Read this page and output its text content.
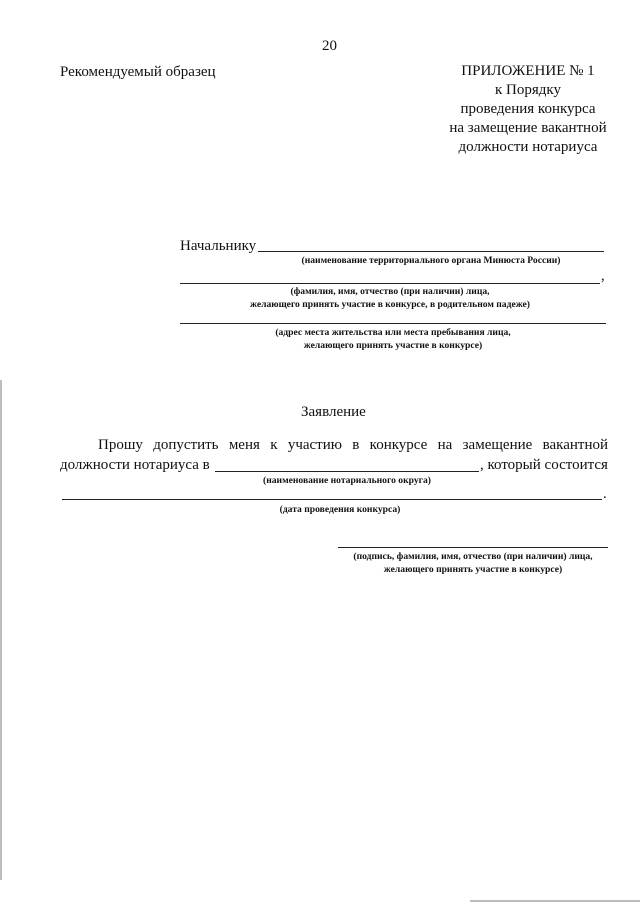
20
Рекомендуемый образец	ПРИЛОЖЕНИЕ № 1
к Порядку
проведения конкурса
на замещение вакантной
должности нотариуса
Начальнику
(наименование территориального органа Минюста России)
,
(фамилия, имя, отчество (при наличии) лица,
желающего принять участие в конкурсе, в родительном падеже)
(адрес места жительства или места пребывания лица,
желающего принять участие в конкурсе)
Заявление
Прошу допустить меня к участию в конкурсе на замещение вакантной
должности нотариуса в	, который состоится
(наименование нотариального округа)
.
(дата проведения конкурса)
(подпись, фамилия, имя, отчество (при наличии) лица,
желающего принять участие в конкурсе)
